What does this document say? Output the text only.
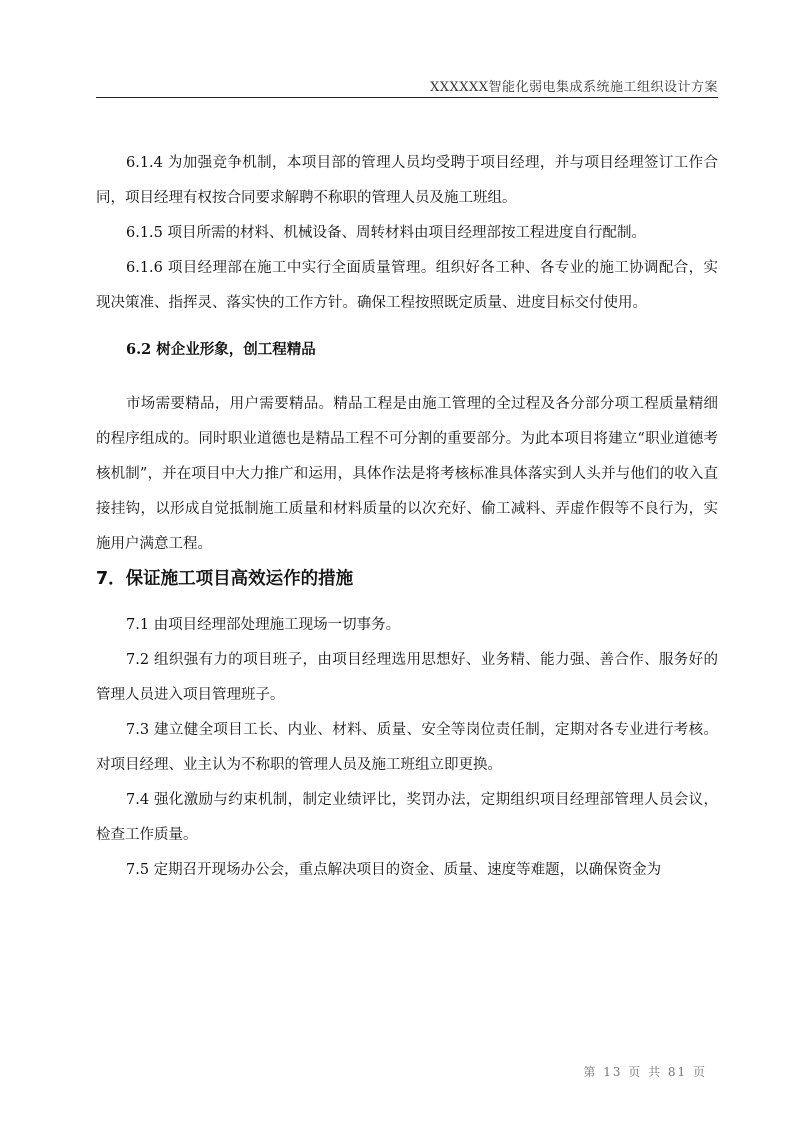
XXXXXX智能化弱电集成系统施工组织设计方案

6.1.4 为加强竞争机制，本项目部的管理人员均受聘于项目经理，并与项目经理签订工作合同，项目经理有权按合同要求解聘不称职的管理人员及施工班组。

6.1.5 项目所需的材料、机械设备、周转材料由项目经理部按工程进度自行配制。

6.1.6 项目经理部在施工中实行全面质量管理。组织好各工种、各专业的施工协调配合，实现决策准、指挥灵、落实快的工作方针。确保工程按照既定质量、进度目标交付使用。

6.2 树企业形象，创工程精品

市场需要精品，用户需要精品。精品工程是由施工管理的全过程及各分部分项工程质量精细的程序组成的。同时职业道德也是精品工程不可分割的重要部分。为此本项目将建立“职业道德考核机制”，并在项目中大力推广和运用，具体作法是将考核标准具体落实到人头并与他们的收入直接挂钩，以形成自觉抵制施工质量和材料质量的以次充好、偷工减料、弄虚作假等不良行为，实施用户满意工程。

7．保证施工项目高效运作的措施

7.1 由项目经理部处理施工现场一切事务。

7.2 组织强有力的项目班子，由项目经理选用思想好、业务精、能力强、善合作、服务好的管理人员进入项目管理班子。

7.3 建立健全项目工长、内业、材料、质量、安全等岗位责任制，定期对各专业进行考核。对项目经理、业主认为不称职的管理人员及施工班组立即更换。

7.4 强化激励与约束机制，制定业绩评比，奖罚办法，定期组织项目经理部管理人员会议，检查工作质量。

7.5 定期召开现场办公会，重点解决项目的资金、质量、速度等难题，以确保资金为

第 13 页 共 81 页
